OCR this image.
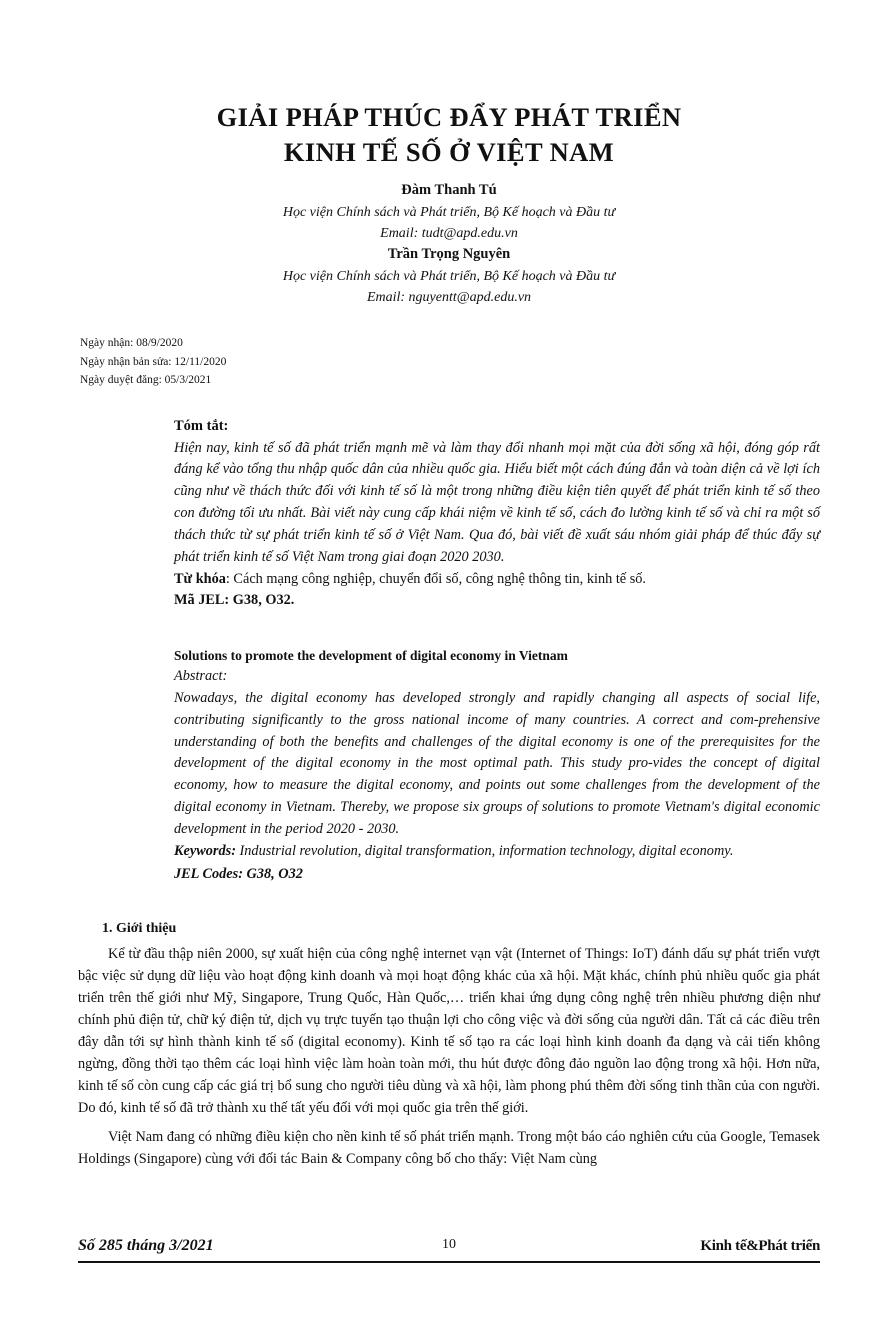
GIẢI PHÁP THÚC ĐẨY PHÁT TRIỂN
KINH TẾ SỐ Ở VIỆT NAM
Đàm Thanh Tú
Học viện Chính sách và Phát triển, Bộ Kế hoạch và Đầu tư
Email: tudt@apd.edu.vn
Trần Trọng Nguyên
Học viện Chính sách và Phát triển, Bộ Kế hoạch và Đầu tư
Email: nguyentt@apd.edu.vn
Ngày nhận: 08/9/2020
Ngày nhận bản sửa: 12/11/2020
Ngày duyệt đăng: 05/3/2021
Tóm tắt:

Hiện nay, kinh tế số đã phát triển mạnh mẽ và làm thay đổi nhanh mọi mặt của đời sống xã hội, đóng góp rất đáng kể vào tổng thu nhập quốc dân của nhiều quốc gia. Hiểu biết một cách đúng đắn và toàn diện cả về lợi ích cũng như về thách thức đối với kinh tế số là một trong những điều kiện tiên quyết để phát triển kinh tế số theo con đường tối ưu nhất. Bài viết này cung cấp khái niệm về kinh tế số, cách đo lường kinh tế số và chỉ ra một số thách thức từ sự phát triển kinh tế số ở Việt Nam. Qua đó, bài viết đề xuất sáu nhóm giải pháp để thúc đẩy sự phát triển kinh tế số Việt Nam trong giai đoạn 2020 2030.

Từ khóa: Cách mạng công nghiệp, chuyển đổi số, công nghệ thông tin, kinh tế số.

Mã JEL: G38, O32.

Solutions to promote the development of digital economy in Vietnam
Abstract:

Nowadays, the digital economy has developed strongly and rapidly changing all aspects of social life, contributing significantly to the gross national income of many countries. A correct and com-prehensive understanding of both the benefits and challenges of the digital economy is one of the prerequisites for the development of the digital economy in the most optimal path. This study pro-vides the concept of digital economy, how to measure the digital economy, and points out some challenges from the development of the digital economy in Vietnam. Thereby, we propose six groups of solutions to promote Vietnam's digital economic development in the period 2020 - 2030.

Keywords: Industrial revolution, digital transformation, information technology, digital economy.

JEL Codes: G38, O32

1. Giới thiệu

Kể từ đầu thập niên 2000, sự xuất hiện của công nghệ internet vạn vật (Internet of Things: IoT) đánh dấu sự phát triển vượt bậc việc sử dụng dữ liệu vào hoạt động kinh doanh và mọi hoạt động khác của xã hội. Mặt khác, chính phủ nhiều quốc gia phát triển trên thế giới như Mỹ, Singapore, Trung Quốc, Hàn Quốc,… triển khai ứng dụng công nghệ trên nhiều phương diện như chính phủ điện tử, chữ ký điện tử, dịch vụ trực tuyến tạo thuận lợi cho công việc và đời sống của người dân. Tất cả các điều trên đây dẫn tới sự hình thành kinh tế số (digital economy). Kinh tế số tạo ra các loại hình kinh doanh đa dạng và cải tiến không ngừng, đồng thời tạo thêm các loại hình việc làm hoàn toàn mới, thu hút được đông đảo nguồn lao động trong xã hội. Hơn nữa, kinh tế số còn cung cấp các giá trị bổ sung cho người tiêu dùng và xã hội, làm phong phú thêm đời sống tinh thần của con người. Do đó, kinh tế số đã trở thành xu thế tất yếu đối với mọi quốc gia trên thế giới.

Việt Nam đang có những điều kiện cho nền kinh tế số phát triển mạnh. Trong một báo cáo nghiên cứu của Google, Temasek Holdings (Singapore) cùng với đối tác Bain & Company công bố cho thấy: Việt Nam cùng

Số 285 tháng 3/2021	10	Kinh tế&Phát triển
